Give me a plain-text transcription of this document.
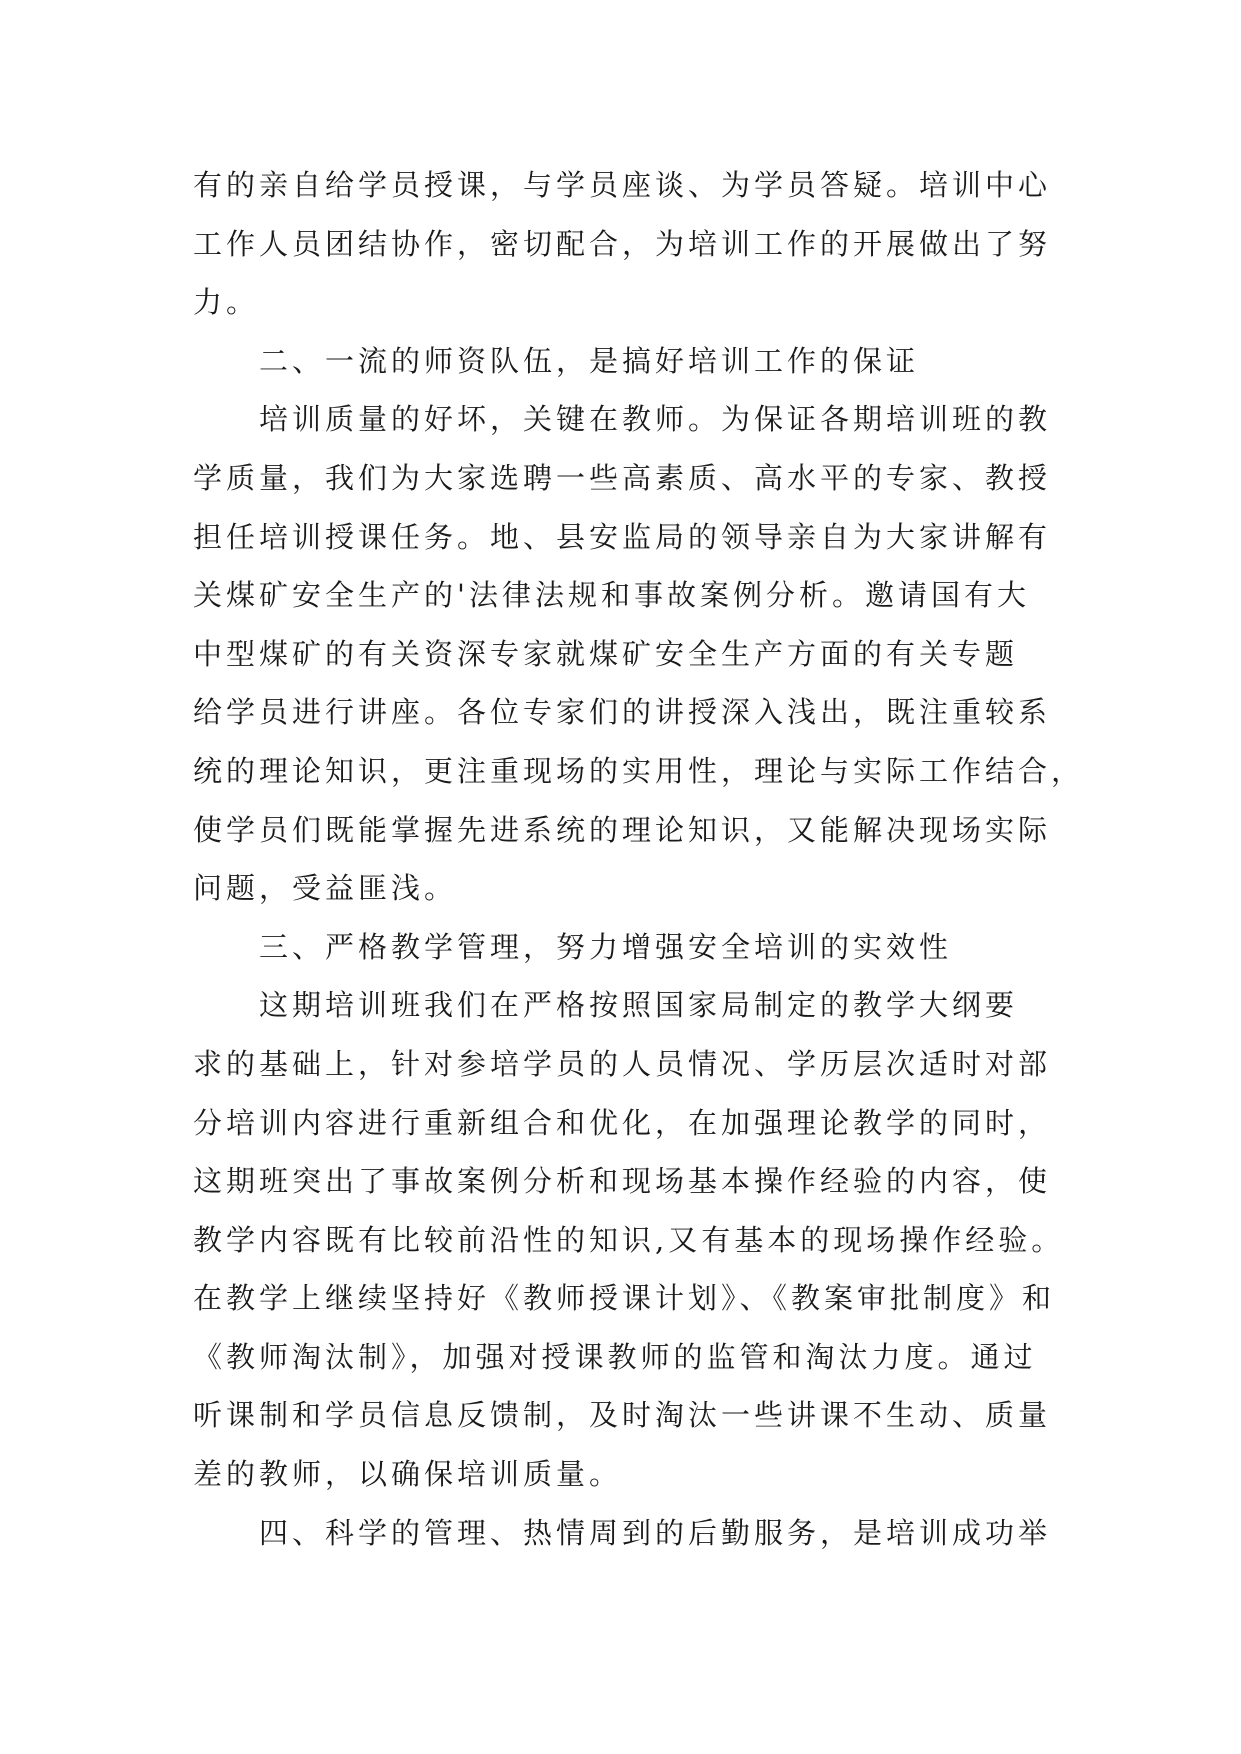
有的亲自给学员授课，与学员座谈、为学员答疑。培训中心
工作人员团结协作，密切配合，为培训工作的开展做出了努
力。
二、一流的师资队伍，是搞好培训工作的保证
培训质量的好坏，关键在教师。为保证各期培训班的教
学质量，我们为大家选聘一些高素质、高水平的专家、教授
担任培训授课任务。地、县安监局的领导亲自为大家讲解有
关煤矿安全生产的'法律法规和事故案例分析。邀请国有大
中型煤矿的有关资深专家就煤矿安全生产方面的有关专题
给学员进行讲座。各位专家们的讲授深入浅出，既注重较系
统的理论知识，更注重现场的实用性，理论与实际工作结合，
使学员们既能掌握先进系统的理论知识，又能解决现场实际
问题，受益匪浅。
三、严格教学管理，努力增强安全培训的实效性
这期培训班我们在严格按照国家局制定的教学大纲要
求的基础上，针对参培学员的人员情况、学历层次适时对部
分培训内容进行重新组合和优化，在加强理论教学的同时，
这期班突出了事故案例分析和现场基本操作经验的内容，使
教学内容既有比较前沿性的知识,又有基本的现场操作经验。
在教学上继续坚持好《教师授课计划》、《教案审批制度》和
《教师淘汰制》，加强对授课教师的监管和淘汰力度。通过
听课制和学员信息反馈制，及时淘汰一些讲课不生动、质量
差的教师，以确保培训质量。
四、科学的管理、热情周到的后勤服务，是培训成功举
